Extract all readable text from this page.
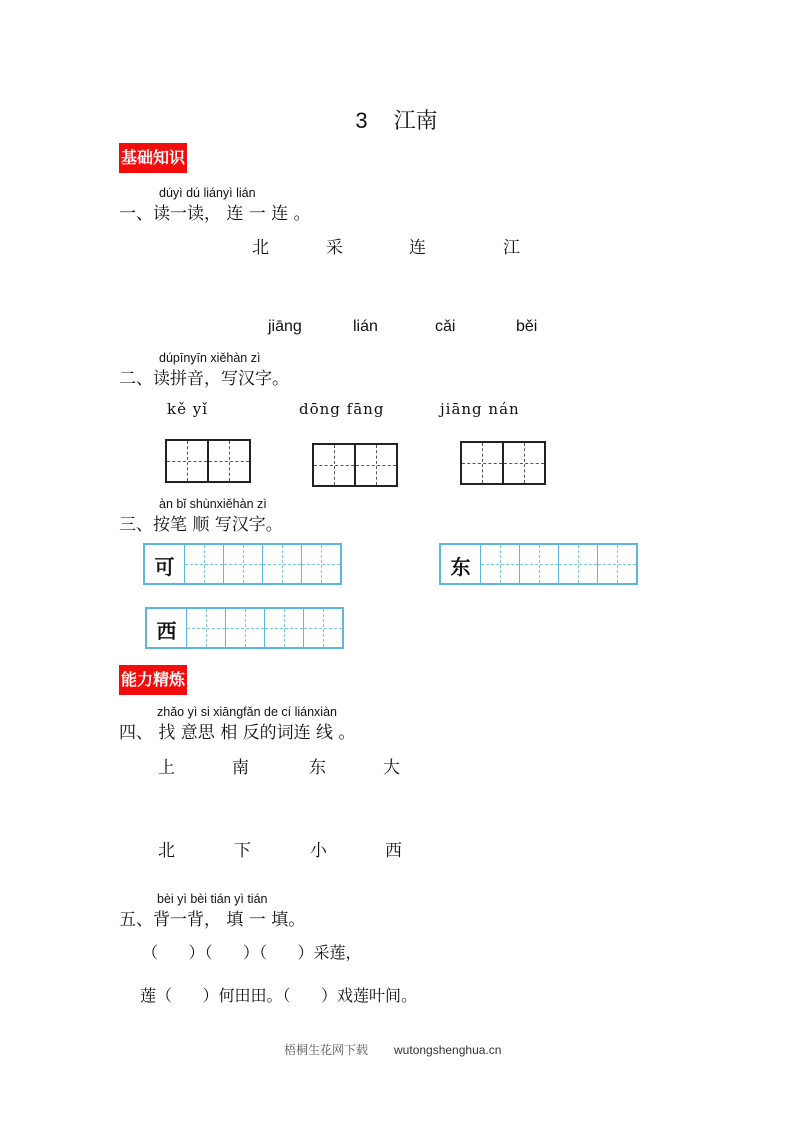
3 江南
基础知识
dúyì dú liányì lián
一、读一读， 连 一 连 。
北	采	连	江
jiāng	lián	cǎi	běi
dúpīnyīn xiěhàn zì
二、读拼音，写汉字。
kě yǐ	dōng fāng	jiāng nán
àn bǐ shùnxiěhàn zì
三、按笔 顺 写汉字。
可	东
西
能力精炼
zhǎo yì si xiāngfǎn de cí liánxiàn
四、 找 意思 相 反的词连 线 。
上	南	东	大
北	下	小	西
bèi yì bèi tián yì tián
五、背一背， 填 一 填。
（      ）（      ）（      ）采莲，
莲（      ）何田田。（      ）戏莲叶间。
梧桐生花网下载 wutongshenghua.cn
